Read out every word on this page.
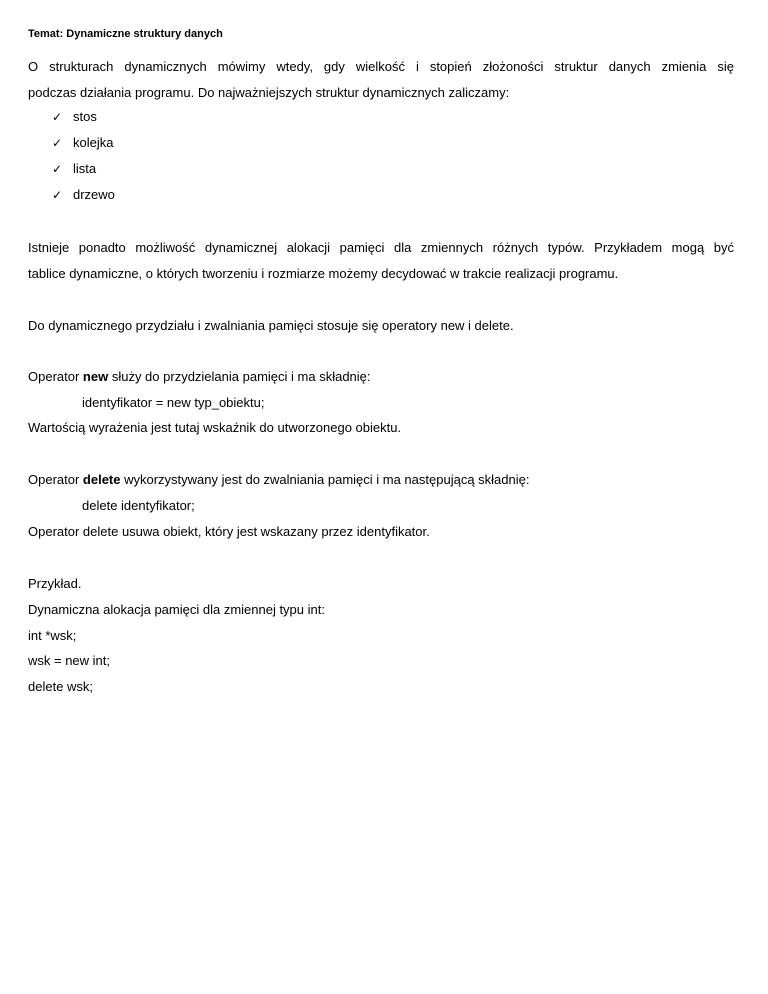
Temat: Dynamiczne struktury danych
O strukturach dynamicznych mówimy wtedy, gdy wielkość i stopień złożoności struktur danych zmienia się
podczas działania programu. Do najważniejszych struktur dynamicznych zaliczamy:
✓ stos
✓ kolejka
✓ lista
✓ drzewo
Istnieje ponadto możliwość dynamicznej alokacji pamięci dla zmiennych różnych typów. Przykładem mogą być
tablice dynamiczne, o których tworzeniu i rozmiarze możemy decydować w trakcie realizacji programu.
Do dynamicznego przydziału i zwalniania pamięci stosuje się operatory new i delete.
Operator new służy do przydzielania pamięci i ma składnię:
identyfikator = new typ_obiektu;
Wartością wyrażenia jest tutaj wskaźnik do utworzonego obiektu.
Operator delete wykorzystywany jest do zwalniania pamięci i ma następującą składnię:
delete identyfikator;
Operator delete usuwa obiekt, który jest wskazany przez identyfikator.
Przykład.
Dynamiczna alokacja pamięci dla zmiennej typu int:
int *wsk;
wsk = new int;
delete wsk;
